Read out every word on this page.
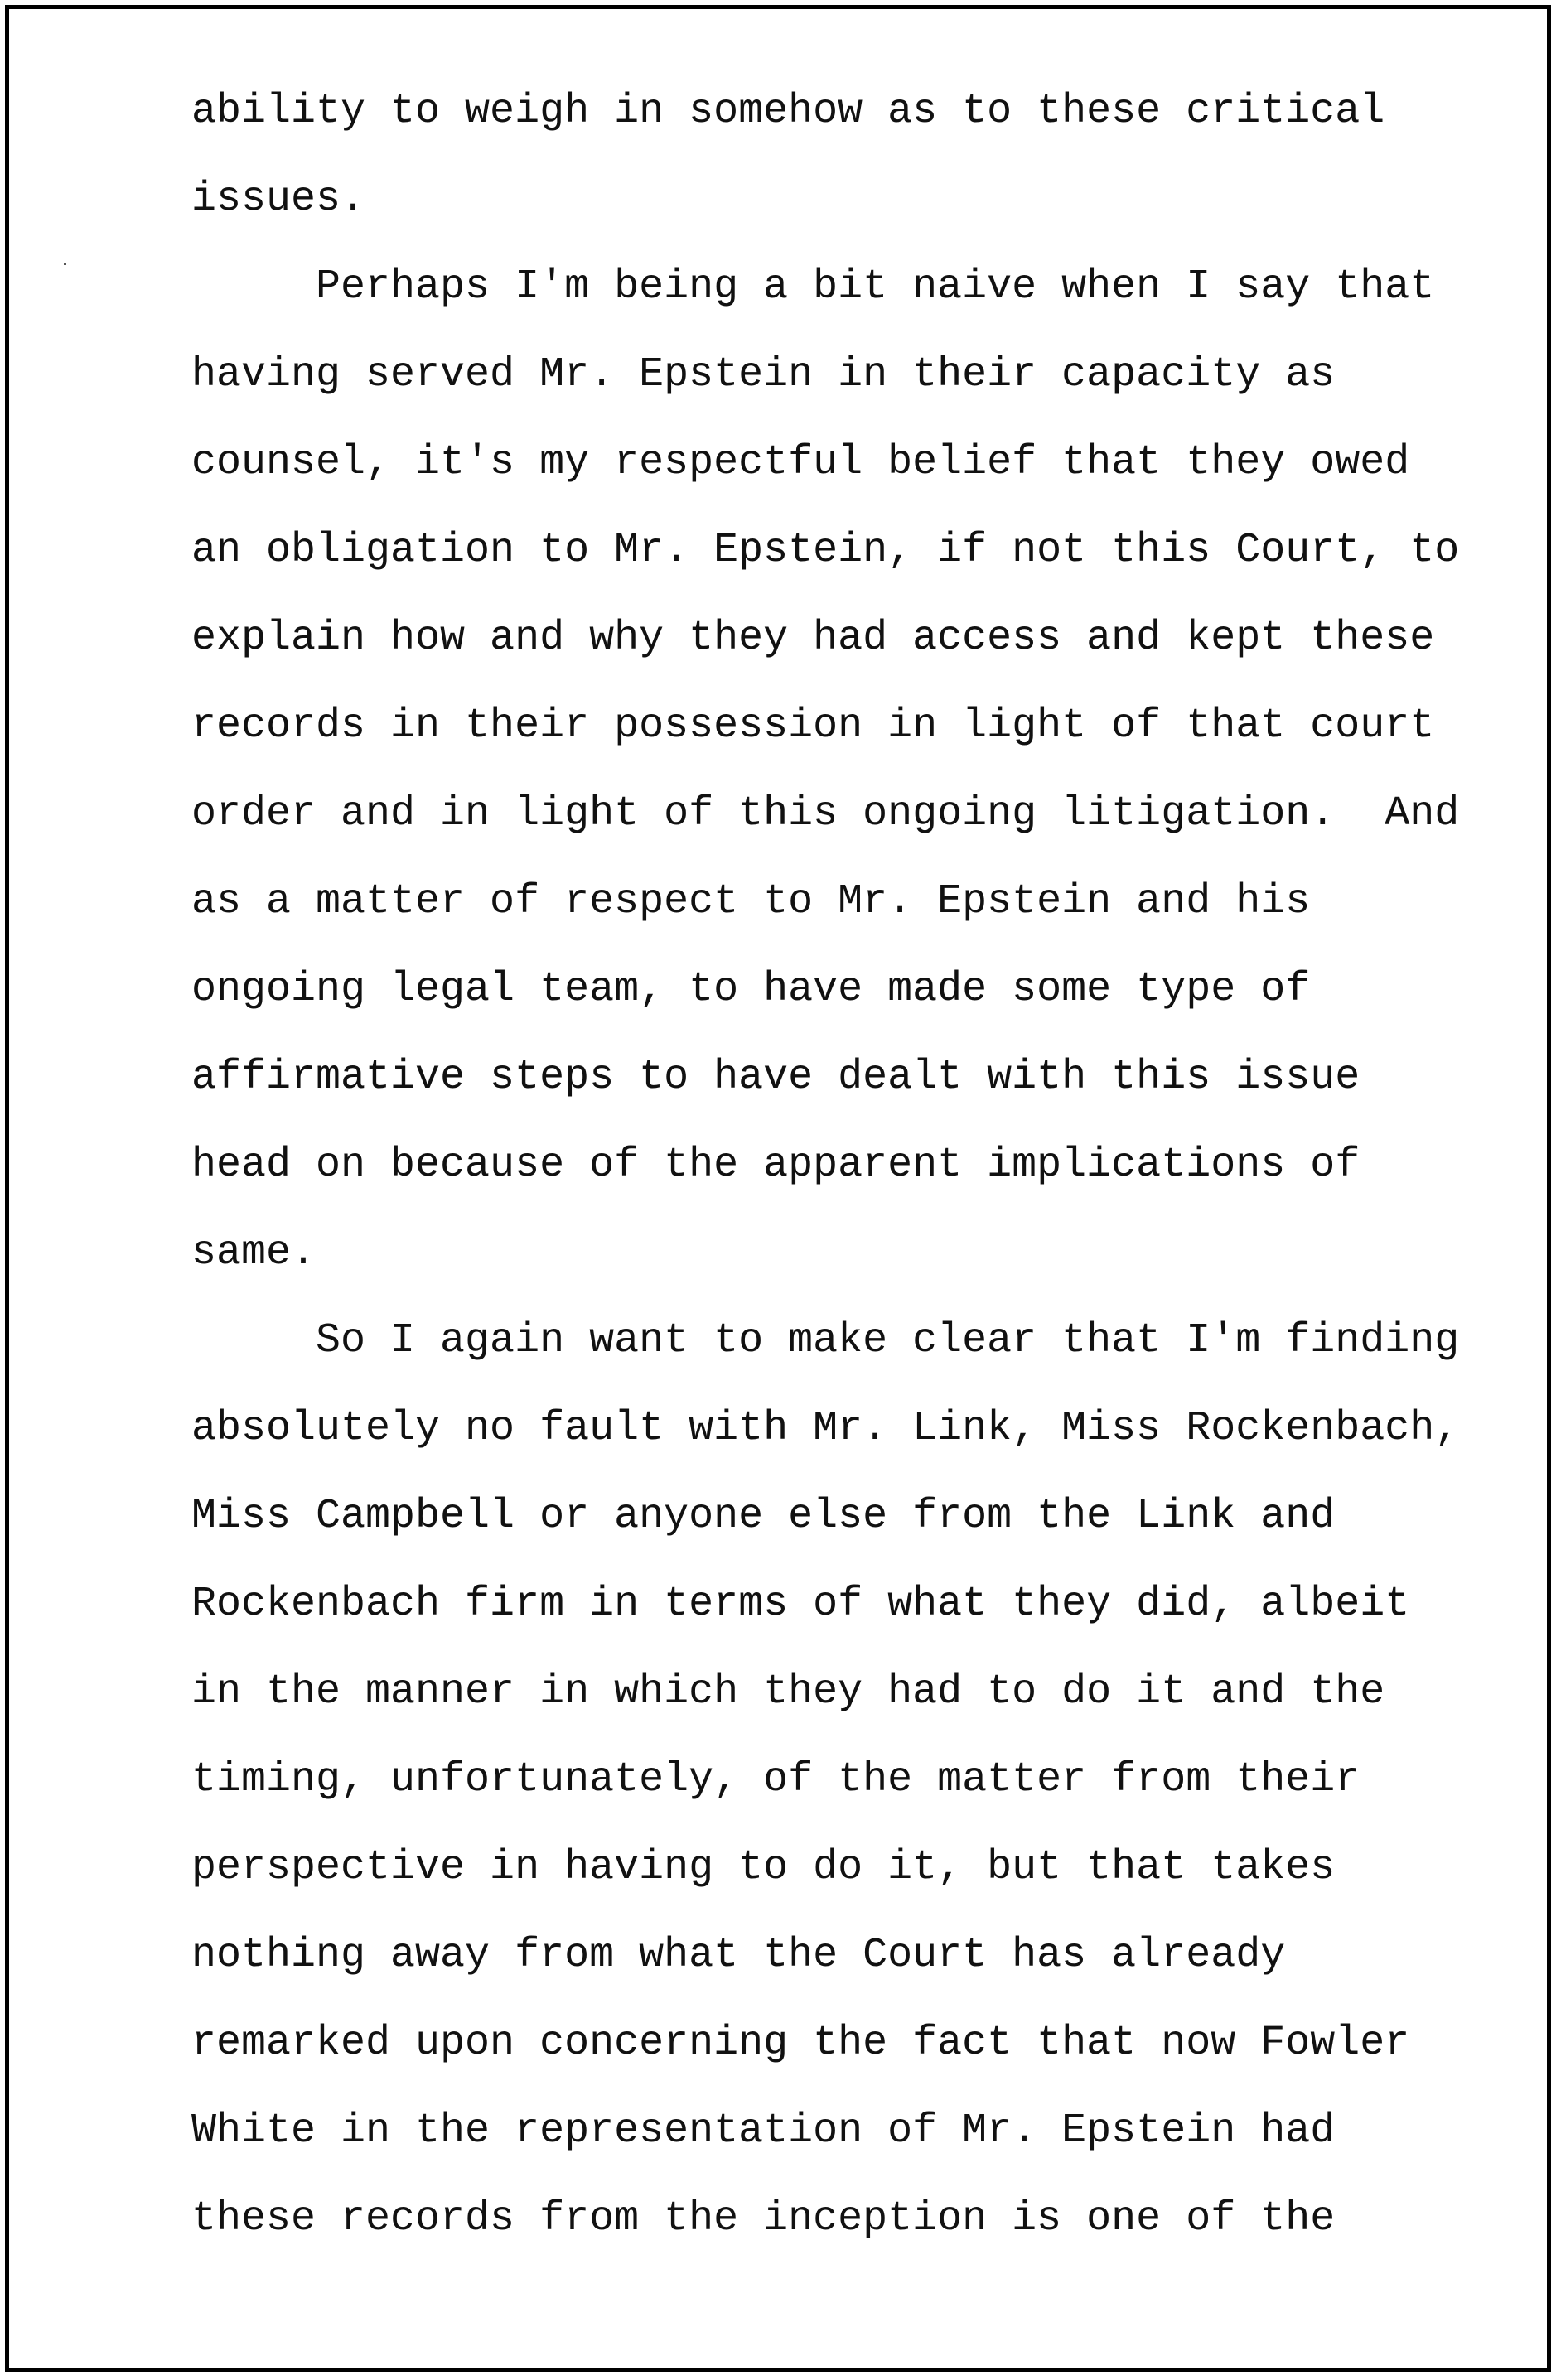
ability to weigh in somehow as to these critical
issues.
Perhaps I'm being a bit naive when I say that
having served Mr. Epstein in their capacity as
counsel, it's my respectful belief that they owed
an obligation to Mr. Epstein, if not this Court, to
explain how and why they had access and kept these
records in their possession in light of that court
order and in light of this ongoing litigation.  And
as a matter of respect to Mr. Epstein and his
ongoing legal team, to have made some type of
affirmative steps to have dealt with this issue
head on because of the apparent implications of
same.
So I again want to make clear that I'm finding
absolutely no fault with Mr. Link, Miss Rockenbach,
Miss Campbell or anyone else from the Link and
Rockenbach firm in terms of what they did, albeit
in the manner in which they had to do it and the
timing, unfortunately, of the matter from their
perspective in having to do it, but that takes
nothing away from what the Court has already
remarked upon concerning the fact that now Fowler
White in the representation of Mr. Epstein had
these records from the inception is one of the
